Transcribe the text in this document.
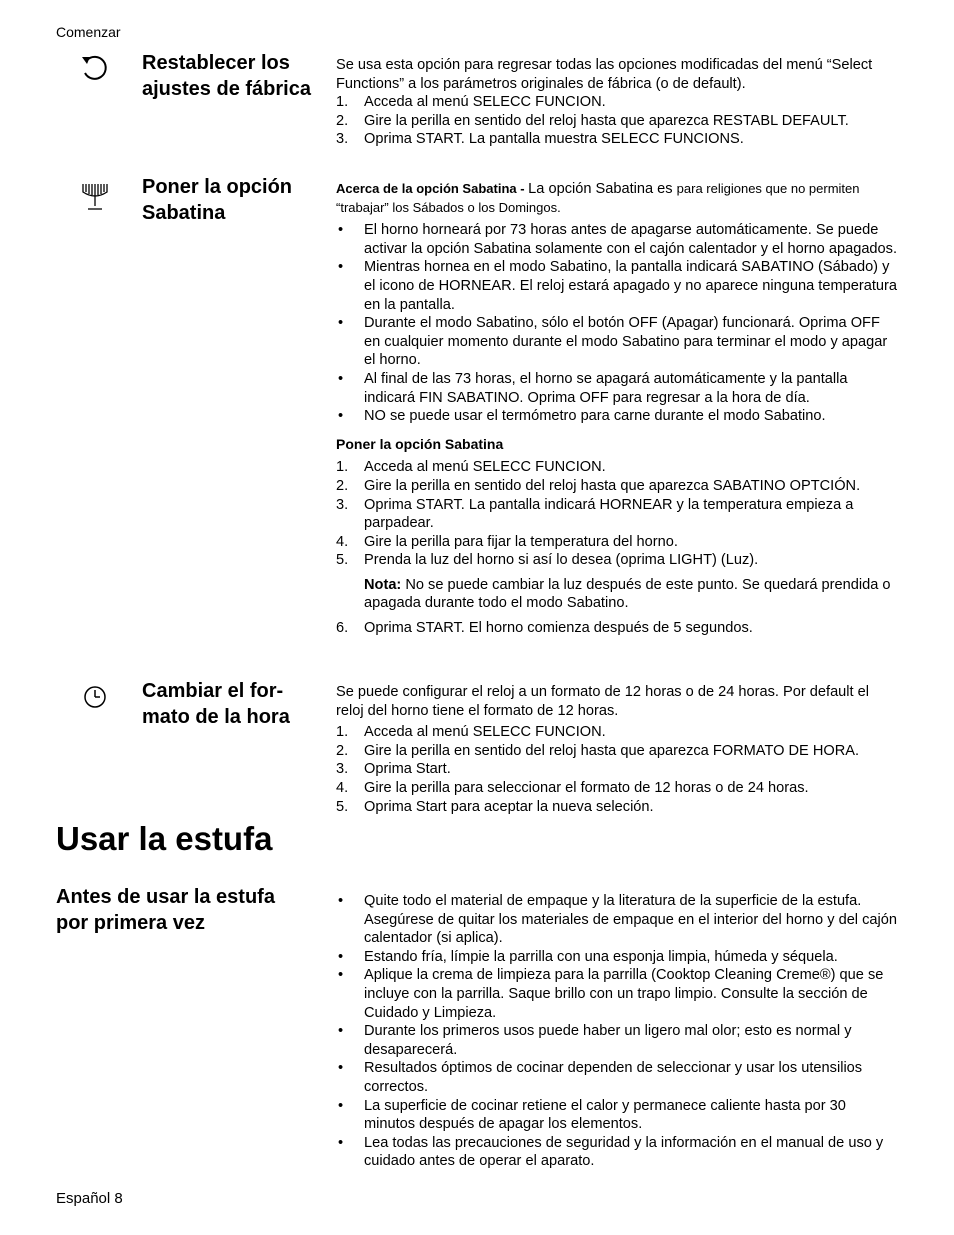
Comenzar
Restablecer los
ajustes de fábrica

Se usa esta opción para regresar todas las opciones modificadas del menú “Select Functions” a los parámetros originales de fábrica (o de default).

1. Acceda al menú SELECC FUNCION.
2. Gire la perilla en sentido del reloj hasta que aparezca RESTABL DEFAULT.
3. Oprima START. La pantalla muestra SELECC FUNCIONS.
Poner la opción
Sabatina

Acerca de la opción Sabatina - La opción Sabatina es para religiones que no permiten “trabajar” los Sábados o los Domingos.

• El horno horneará por 73 horas antes de apagarse automáticamente. Se puede activar la opción Sabatina solamente con el cajón calentador y el horno apagados.
• Mientras hornea en el modo Sabatino, la pantalla indicará SABATINO (Sábado) y el icono de HORNEAR. El reloj estará apagado y no aparece ninguna temperatura en la pantalla.
• Durante el modo Sabatino, sólo el botón OFF (Apagar) funcionará. Oprima OFF en cualquier momento durante el modo Sabatino para terminar el modo y apagar el horno.
• Al final de las 73 horas, el horno se apagará automáticamente y la pantalla indicará FIN SABATINO. Oprima OFF para regresar a la hora de día.
• NO se puede usar el termómetro para carne durante el modo Sabatino.

Poner la opción Sabatina

1. Acceda al menú SELECC FUNCION.
2. Gire la perilla en sentido del reloj hasta que aparezca SABATINO OPTCIÓN.
3. Oprima START. La pantalla indicará HORNEAR y la temperatura empieza a parpadear.
4. Gire la perilla para fijar la temperatura del horno.
5. Prenda la luz del horno si así lo desea (oprima LIGHT) (Luz).

Nota: No se puede cambiar la luz después de este punto. Se quedará prendida o apagada durante todo el modo Sabatino.

6. Oprima START. El horno comienza después de 5 segundos.
Cambiar el for-
mato de la hora

Se puede configurar el reloj a un formato de 12 horas o de 24 horas. Por default el reloj del horno tiene el formato de 12 horas.

1. Acceda al menú SELECC FUNCION.
2. Gire la perilla en sentido del reloj hasta que aparezca FORMATO DE HORA.
3. Oprima Start.
4. Gire la perilla para seleccionar el formato de 12 horas o de 24 horas.
5. Oprima Start para aceptar la nueva seleción.
Usar la estufa
Antes de usar la estufa
por primera vez
• Quite todo el material de empaque y la literatura de la superficie de la estufa. Asegúrese de quitar los materiales de empaque en el interior del horno y del cajón calentador (si aplica).
• Estando fría, límpie la parrilla con una esponja limpia, húmeda y séquela.
• Aplique la crema de limpieza para la parrilla (Cooktop Cleaning Creme®) que se incluye con la parrilla. Saque brillo con un trapo limpio. Consulte la sección de Cuidado y Limpieza.
• Durante los primeros usos puede haber un ligero mal olor; esto es normal y desaparecerá.
• Resultados óptimos de cocinar dependen de seleccionar y usar los utensilios correctos.
• La superficie de cocinar retiene el calor y permanece caliente hasta por 30 minutos después de apagar los elementos.
• Lea todas las precauciones de seguridad y la información en el manual de uso y cuidado antes de operar el aparato.
Español 8
